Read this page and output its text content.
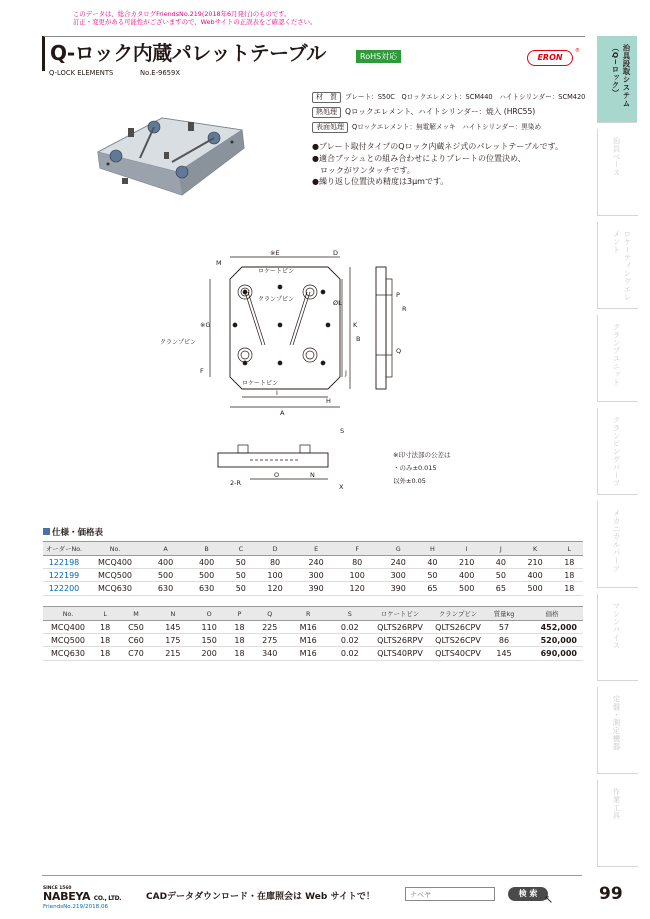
このデータは、総合カタログFriendsNo.219(2018年6月発行)のものです。
訂正・変更がある可能性がございますので、Webサイトの正誤表をご確認ください。
Q-ロック内蔵パレットテーブル	RoHS対応
Q-LOCK ELEMENTS	No.E-9659X
ERON
®	治具段取システム（Q−ロック）
治具ベース
ロケーティングエレメント
クランプユニット
クランピングパーツ
メカニカルパーツ
マシンバイス
定盤・測定機器
作業工具
材　質 プレート：S50C　Qロックエレメント：SCM440　ハイトシリンダー：SCM420
熱処理 Qロックエレメント、ハイトシリンダー：焼入 (HRC55)
表面処理 Qロックエレメント：無電解メッキ　ハイトシリンダー：黒染め
●プレート取付タイプのQロック内蔵ネジ式のパレットテーブルです。
●適合ブッシュとの組み合わせによりプレートの位置決め、
　ロックがワンタッチです。
●繰り返し位置決め精度は3μmです。
※E	D
M
※G
F
K
B
J
I
A
H
ØL
ロケートピン
クランプピン
クランプピン
ロケートピン
P
R
Q
O	N
2-R
S
X
※印寸法部の公差は
・のみ±0.015
以外±0.05
仕様・価格表
オーダーNo.	No.	A	B	C	D	E	F	G	H	I	J	K	L
122198	MCQ400	400	400	50	80	240	80	240	40	210	40	210	18
122199	MCQ500	500	500	50	100	300	100	300	50	400	50	400	18
122200	MCQ630	630	630	50	120	390	120	390	65	500	65	500	18
No.	L	M	N	O	P	Q	R	S	ロケートピン	クランプピン	質量kg	価格
MCQ400	18	C50	145	110	18	225	M16	0.02	QLTS26RPV	QLTS26CPV	57	452,000
MCQ500	18	C60	175	150	18	275	M16	0.02	QLTS26RPV	QLTS26CPV	86	520,000
MCQ630	18	C70	215	200	18	340	M16	0.02	QLTS40RPV	QLTS40CPV	145	690,000
SINCE 1560
NABEYA CO., LTD.
FriendsNo.219/2018.06
CADデータダウンロード・在庫照会は Web サイトで！	ナベヤ	検 索 ↖	99
